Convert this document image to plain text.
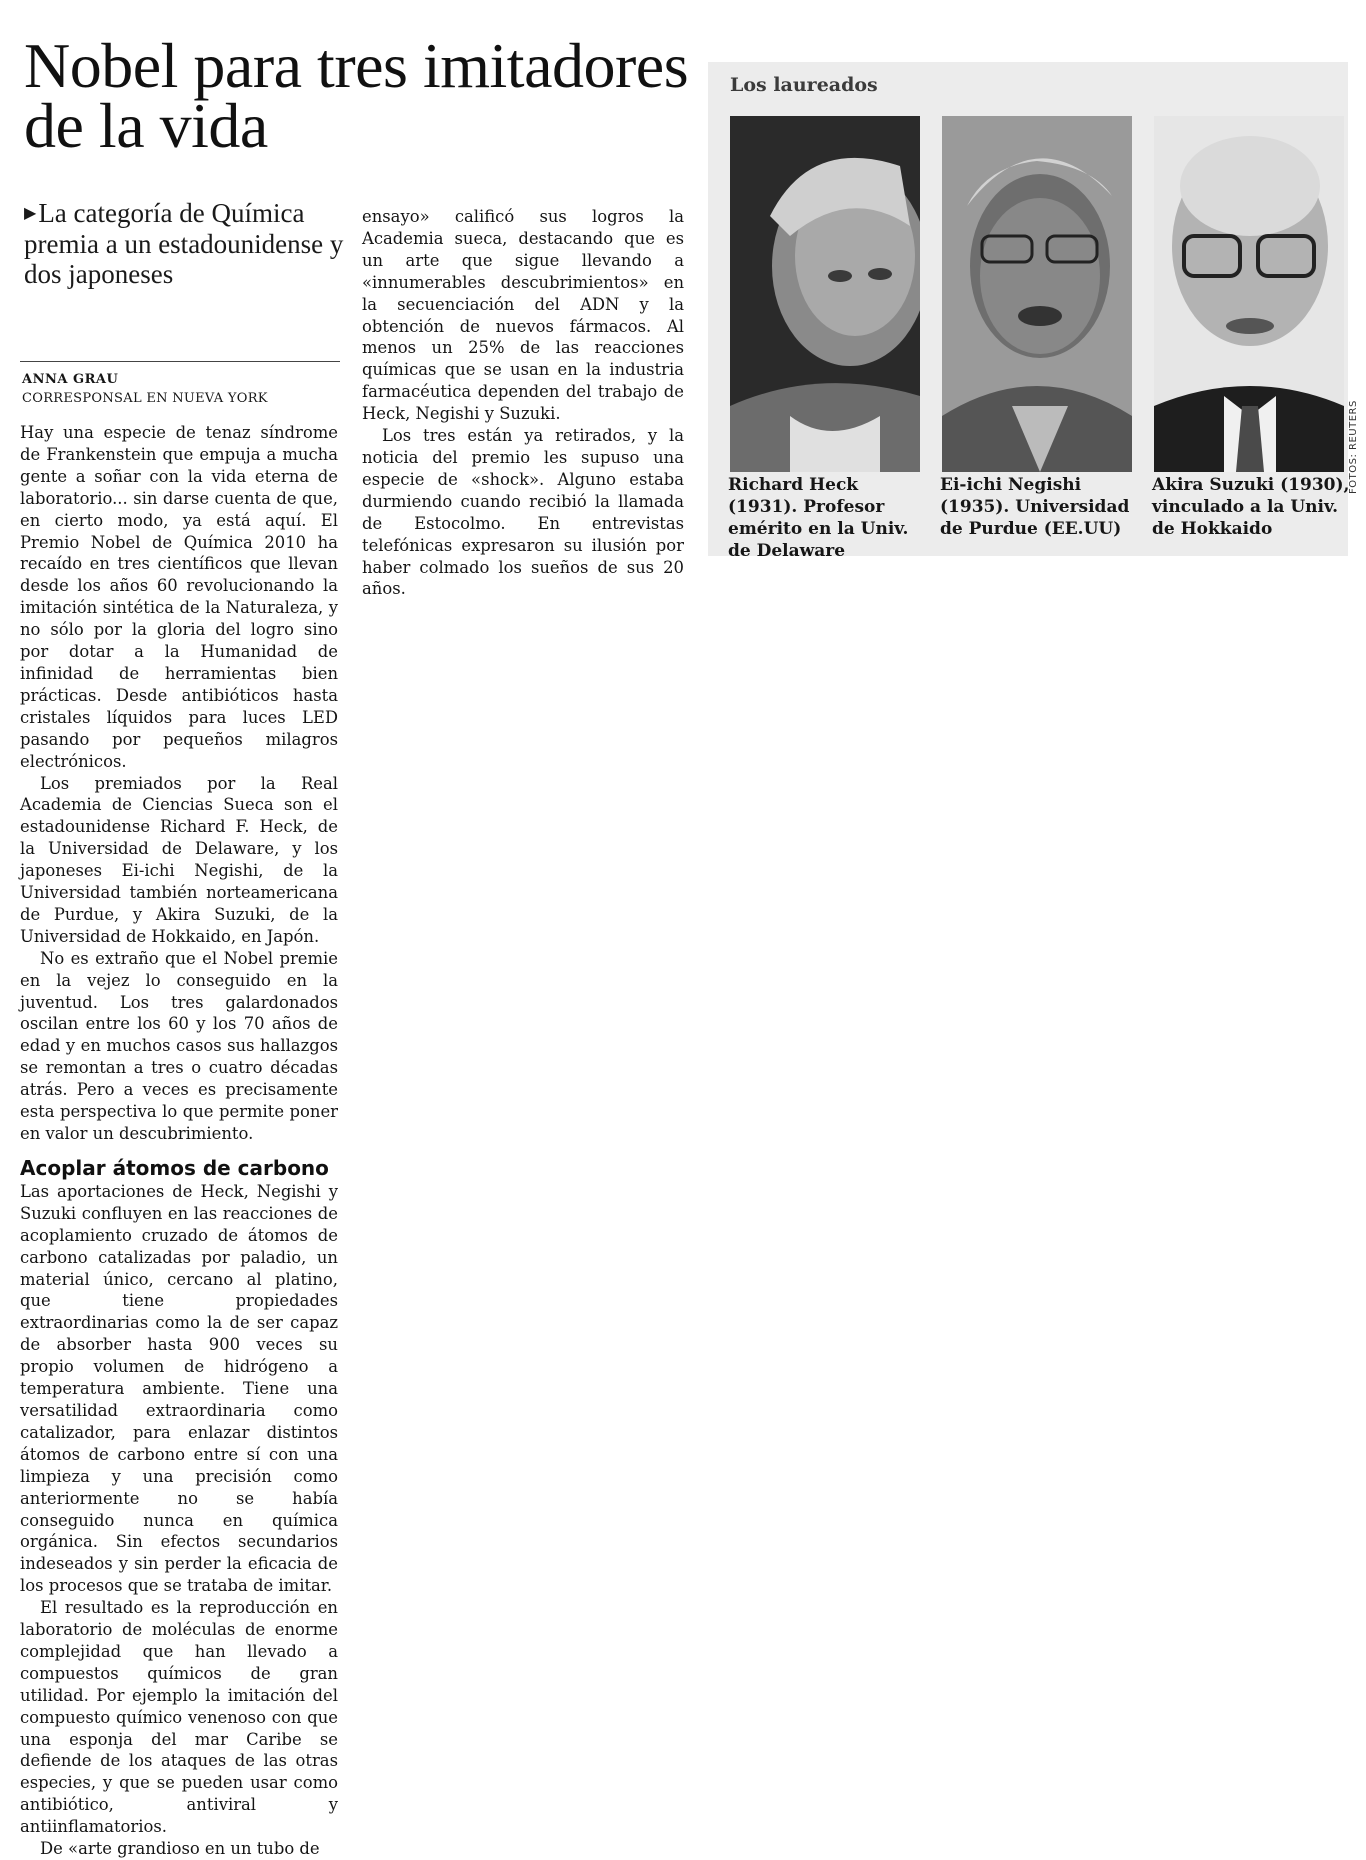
Nobel para tres imitadores de la vida
▶La categoría de Química premia a un estadounidense y dos japoneses
ANNA GRAU
CORRESPONSAL EN NUEVA YORK

Hay una especie de tenaz síndrome de Frankenstein que empuja a mucha gente a soñar con la vida eterna de laboratorio... sin darse cuenta de que, en cierto modo, ya está aquí. El Premio Nobel de Química 2010 ha recaído en tres científicos que llevan desde los años 60 revolucionando la imitación sintética de la Naturaleza, y no sólo por la gloria del logro sino por dotar a la Humanidad de infinidad de herramientas bien prácticas. Desde antibióticos hasta cristales líquidos para luces LED pasando por pequeños milagros electrónicos.

Los premiados por la Real Academia de Ciencias Sueca son el estadounidense Richard F. Heck, de la Universidad de Delaware, y los japoneses Ei-ichi Negishi, de la Universidad también norteamericana de Purdue, y Akira Suzuki, de la Universidad de Hokkaido, en Japón.

No es extraño que el Nobel premie en la vejez lo conseguido en la juventud. Los tres galardonados oscilan entre los 60 y los 70 años de edad y en muchos casos sus hallazgos se remontan a tres o cuatro décadas atrás. Pero a veces es precisamente esta perspectiva lo que permite poner en valor un descubrimiento.

Acoplar átomos de carbono

Las aportaciones de Heck, Negishi y Suzuki confluyen en las reacciones de acoplamiento cruzado de átomos de carbono catalizadas por paladio, un material único, cercano al platino, que tiene propiedades extraordinarias como la de ser capaz de absorber hasta 900 veces su propio volumen de hidrógeno a temperatura ambiente. Tiene una versatilidad extraordinaria como catalizador, para enlazar distintos átomos de carbono entre sí con una limpieza y una precisión como anteriormente no se había conseguido nunca en química orgánica. Sin efectos secundarios indeseados y sin perder la eficacia de los procesos que se trataba de imitar.

El resultado es la reproducción en laboratorio de moléculas de enorme complejidad que han llevado a compuestos químicos de gran utilidad. Por ejemplo la imitación del compuesto químico venenoso con que una esponja del mar Caribe se defiende de los ataques de las otras especies, y que se pueden usar como antibiótico, antiviral y antiinflamatorios.

De «arte grandioso en un tubo de

ensayo» calificó sus logros la Academia sueca, destacando que es un arte que sigue llevando a «innumerables descubrimientos» en la secuenciación del ADN y la obtención de nuevos fármacos. Al menos un 25% de las reacciones químicas que se usan en la industria farmacéutica dependen del trabajo de Heck, Negishi y Suzuki.

Los tres están ya retirados, y la noticia del premio les supuso una especie de «shock». Alguno estaba durmiendo cuando recibió la llamada de Estocolmo. En entrevistas telefónicas expresaron su ilusión por haber colmado los sueños de sus 20 años.

Los laureados
Richard Heck (1931). Profesor emérito en la Univ. de Delaware
Ei-ichi Negishi (1935). Universidad de Purdue (EE.UU)
Akira Suzuki (1930), vinculado a la Univ. de Hokkaido
FOTOS: REUTERS
